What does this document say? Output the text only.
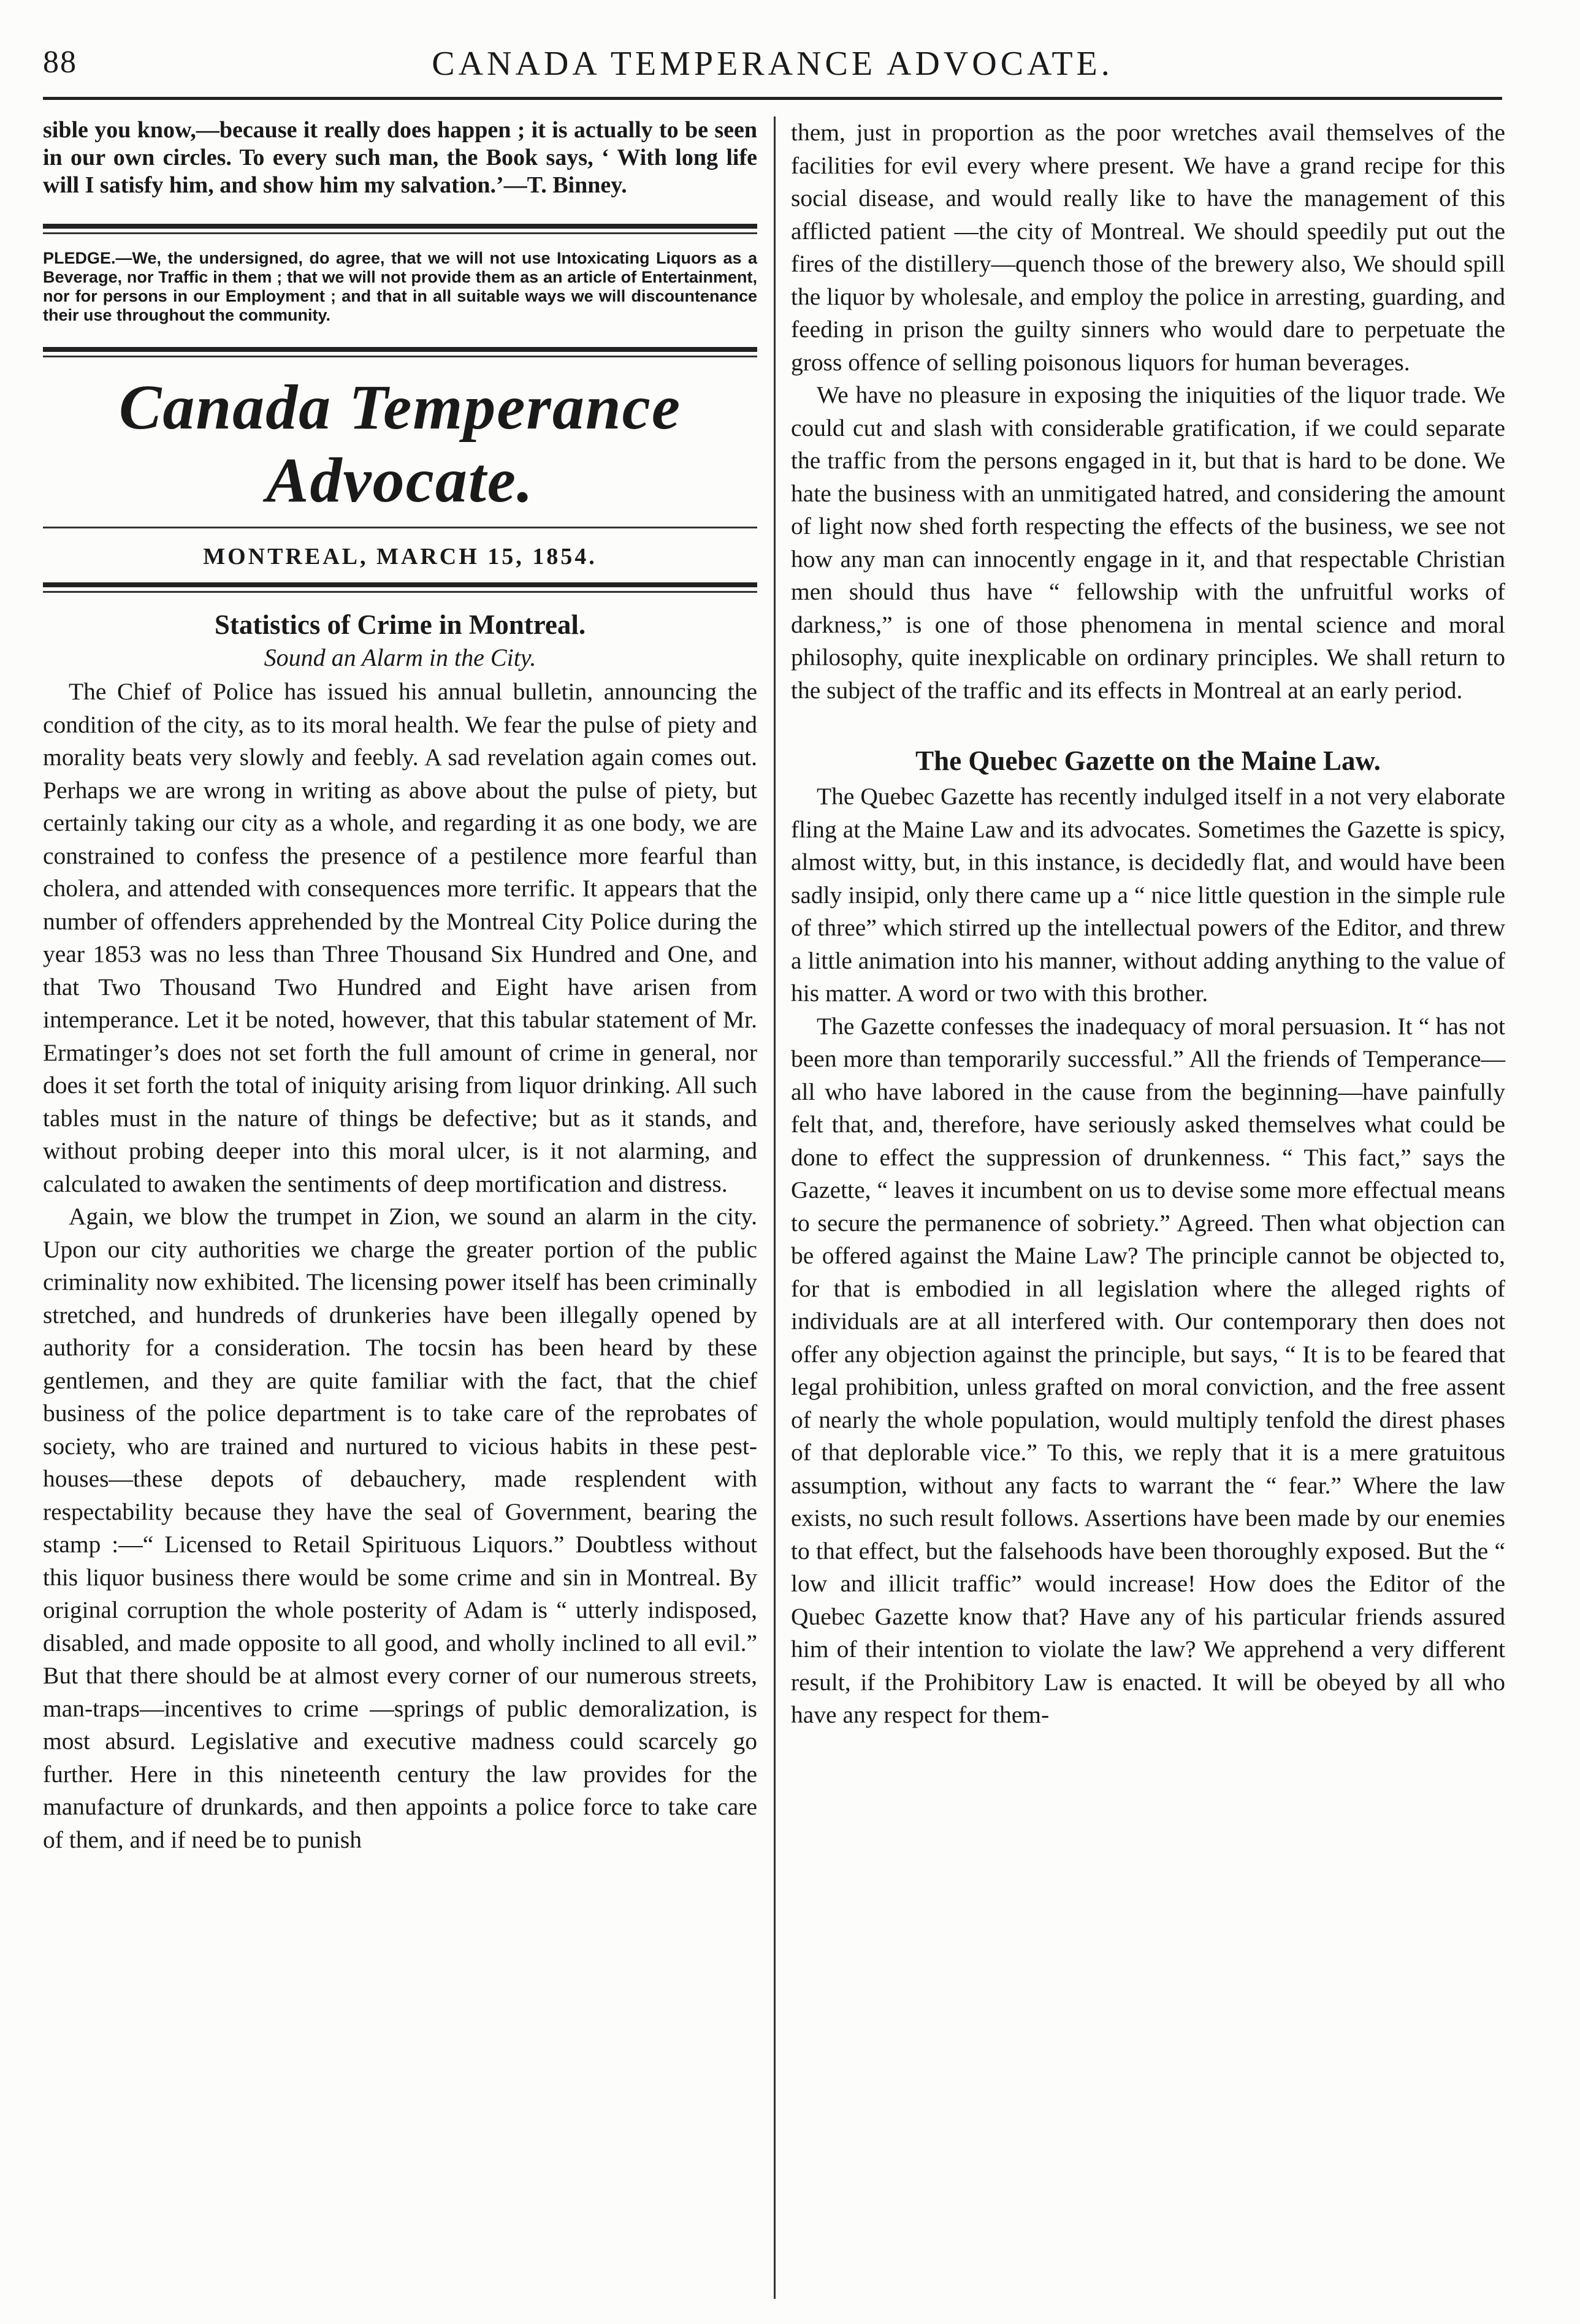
88	CANADA TEMPERANCE ADVOCATE.

sible you know,—because it really does happen ; it is actually to be seen in our own circles. To every such man, the Book says, ‘ With long life will I satisfy him, and show him my salvation.’—T. Binney.

PLEDGE.—We, the undersigned, do agree, that we will not use Intoxicating Liquors as a Beverage, nor Traffic in them ; that we will not provide them as an article of Entertainment, nor for persons in our Employment ; and that in all suitable ways we will discountenance their use throughout the community.

Canada Temperance Advocate.

MONTREAL, MARCH 15, 1854.

Statistics of Crime in Montreal.

Sound an Alarm in the City.

The Chief of Police has issued his annual bulletin, announcing the condition of the city, as to its moral health. We fear the pulse of piety and morality beats very slowly and feebly. A sad revelation again comes out. Perhaps we are wrong in writing as above about the pulse of piety, but certainly taking our city as a whole, and regarding it as one body, we are constrained to confess the presence of a pestilence more fearful than cholera, and attended with consequences more terrific. It appears that the number of offenders apprehended by the Montreal City Police during the year 1853 was no less than Three Thousand Six Hundred and One, and that Two Thousand Two Hundred and Eight have arisen from intemperance. Let it be noted, however, that this tabular statement of Mr. Ermatinger’s does not set forth the full amount of crime in general, nor does it set forth the total of iniquity arising from liquor drinking. All such tables must in the nature of things be defective; but as it stands, and without probing deeper into this moral ulcer, is it not alarming, and calculated to awaken the sentiments of deep mortification and distress.

Again, we blow the trumpet in Zion, we sound an alarm in the city. Upon our city authorities we charge the greater portion of the public criminality now exhibited. The licensing power itself has been criminally stretched, and hundreds of drunkeries have been illegally opened by authority for a consideration. The tocsin has been heard by these gentlemen, and they are quite familiar with the fact, that the chief business of the police department is to take care of the reprobates of society, who are trained and nurtured to vicious habits in these pest-houses—these depots of debauchery, made resplendent with respectability because they have the seal of Government, bearing the stamp :—“ Licensed to Retail Spirituous Liquors.” Doubtless without this liquor business there would be some crime and sin in Montreal. By original corruption the whole posterity of Adam is “ utterly indisposed, disabled, and made opposite to all good, and wholly inclined to all evil.” But that there should be at almost every corner of our numerous streets, man-traps—incentives to crime —springs of public demoralization, is most absurd. Legislative and executive madness could scarcely go further. Here in this nineteenth century the law provides for the manufacture of drunkards, and then appoints a police force to take care of them, and if need be to punish

them, just in proportion as the poor wretches avail themselves of the facilities for evil every where present. We have a grand recipe for this social disease, and would really like to have the management of this afflicted patient —the city of Montreal. We should speedily put out the fires of the distillery—quench those of the brewery also, We should spill the liquor by wholesale, and employ the police in arresting, guarding, and feeding in prison the guilty sinners who would dare to perpetuate the gross offence of selling poisonous liquors for human beverages.

We have no pleasure in exposing the iniquities of the liquor trade. We could cut and slash with considerable gratification, if we could separate the traffic from the persons engaged in it, but that is hard to be done. We hate the business with an unmitigated hatred, and considering the amount of light now shed forth respecting the effects of the business, we see not how any man can innocently engage in it, and that respectable Christian men should thus have “ fellowship with the unfruitful works of darkness,” is one of those phenomena in mental science and moral philosophy, quite inexplicable on ordinary principles. We shall return to the subject of the traffic and its effects in Montreal at an early period.

The Quebec Gazette on the Maine Law.

The Quebec Gazette has recently indulged itself in a not very elaborate fling at the Maine Law and its advocates. Sometimes the Gazette is spicy, almost witty, but, in this instance, is decidedly flat, and would have been sadly insipid, only there came up a “ nice little question in the simple rule of three” which stirred up the intellectual powers of the Editor, and threw a little animation into his manner, without adding anything to the value of his matter. A word or two with this brother.

The Gazette confesses the inadequacy of moral persuasion. It “ has not been more than temporarily successful.” All the friends of Temperance—all who have labored in the cause from the beginning—have painfully felt that, and, therefore, have seriously asked themselves what could be done to effect the suppression of drunkenness. “ This fact,” says the Gazette, “ leaves it incumbent on us to devise some more effectual means to secure the permanence of sobriety.” Agreed. Then what objection can be offered against the Maine Law? The principle cannot be objected to, for that is embodied in all legislation where the alleged rights of individuals are at all interfered with. Our contemporary then does not offer any objection against the principle, but says, “ It is to be feared that legal prohibition, unless grafted on moral conviction, and the free assent of nearly the whole population, would multiply tenfold the direst phases of that deplorable vice.” To this, we reply that it is a mere gratuitous assumption, without any facts to warrant the “ fear.” Where the law exists, no such result follows. Assertions have been made by our enemies to that effect, but the falsehoods have been thoroughly exposed. But the “ low and illicit traffic” would increase! How does the Editor of the Quebec Gazette know that? Have any of his particular friends assured him of their intention to violate the law? We apprehend a very different result, if the Prohibitory Law is enacted. It will be obeyed by all who have any respect for them-
